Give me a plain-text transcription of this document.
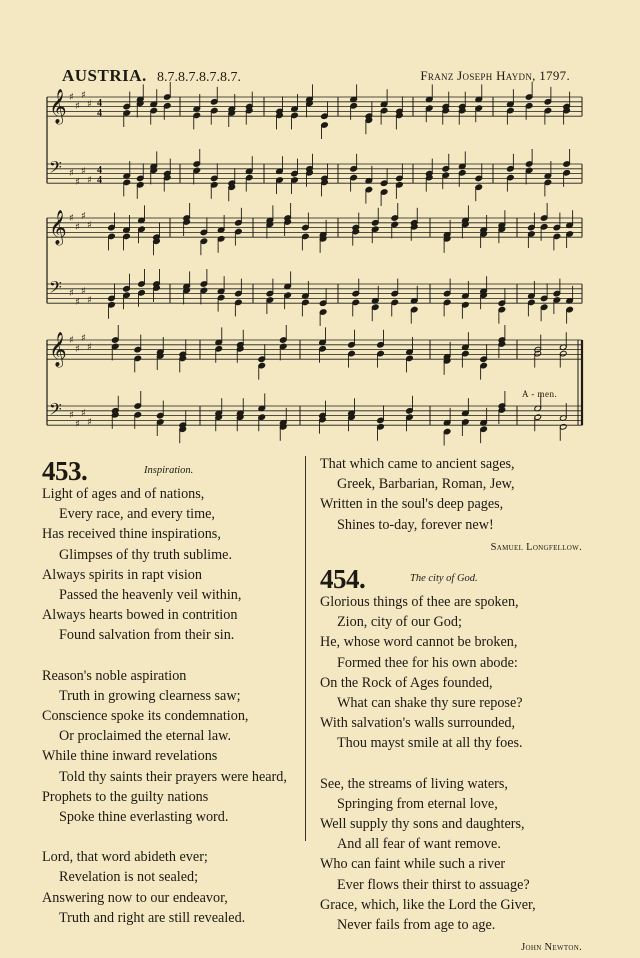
AUSTRIA. 8.7.8.7.8.7.8.7.	Franz Joseph Haydn, 1797.
𝄞 ♯
♯
♯
♯ 4
4
𝄢 ♯
♯
♯
♯
4
4
𝄞 ♯
♯
♯
♯
𝄢 ♯
♯
♯
♯
𝄞 ♯
♯
♯
♯
𝄢 ♯
♯
♯
♯
A - men.
453.	Inspiration.
Light of ages and of nations,
Every race, and every time,
Has received thine inspirations,
Glimpses of thy truth sublime.
Always spirits in rapt vision
Passed the heavenly veil within,
Always hearts bowed in contrition
Found salvation from their sin.
Reason's noble aspiration
Truth in growing clearness saw;
Conscience spoke its condemnation,
Or proclaimed the eternal law.
While thine inward revelations
Told thy saints their prayers were heard,
Prophets to the guilty nations
Spoke thine everlasting word.
Lord, that word abideth ever;
Revelation is not sealed;
Answering now to our endeavor,
Truth and right are still revealed.
That which came to ancient sages,
Greek, Barbarian, Roman, Jew,
Written in the soul's deep pages,
Shines to-day, forever new!
Samuel Longfellow.
454.	The city of God.
Glorious things of thee are spoken,
Zion, city of our God;
He, whose word cannot be broken,
Formed thee for his own abode:
On the Rock of Ages founded,
What can shake thy sure repose?
With salvation's walls surrounded,
Thou mayst smile at all thy foes.
See, the streams of living waters,
Springing from eternal love,
Well supply thy sons and daughters,
And all fear of want remove.
Who can faint while such a river
Ever flows their thirst to assuage?
Grace, which, like the Lord the Giver,
Never fails from age to age.
John Newton.
